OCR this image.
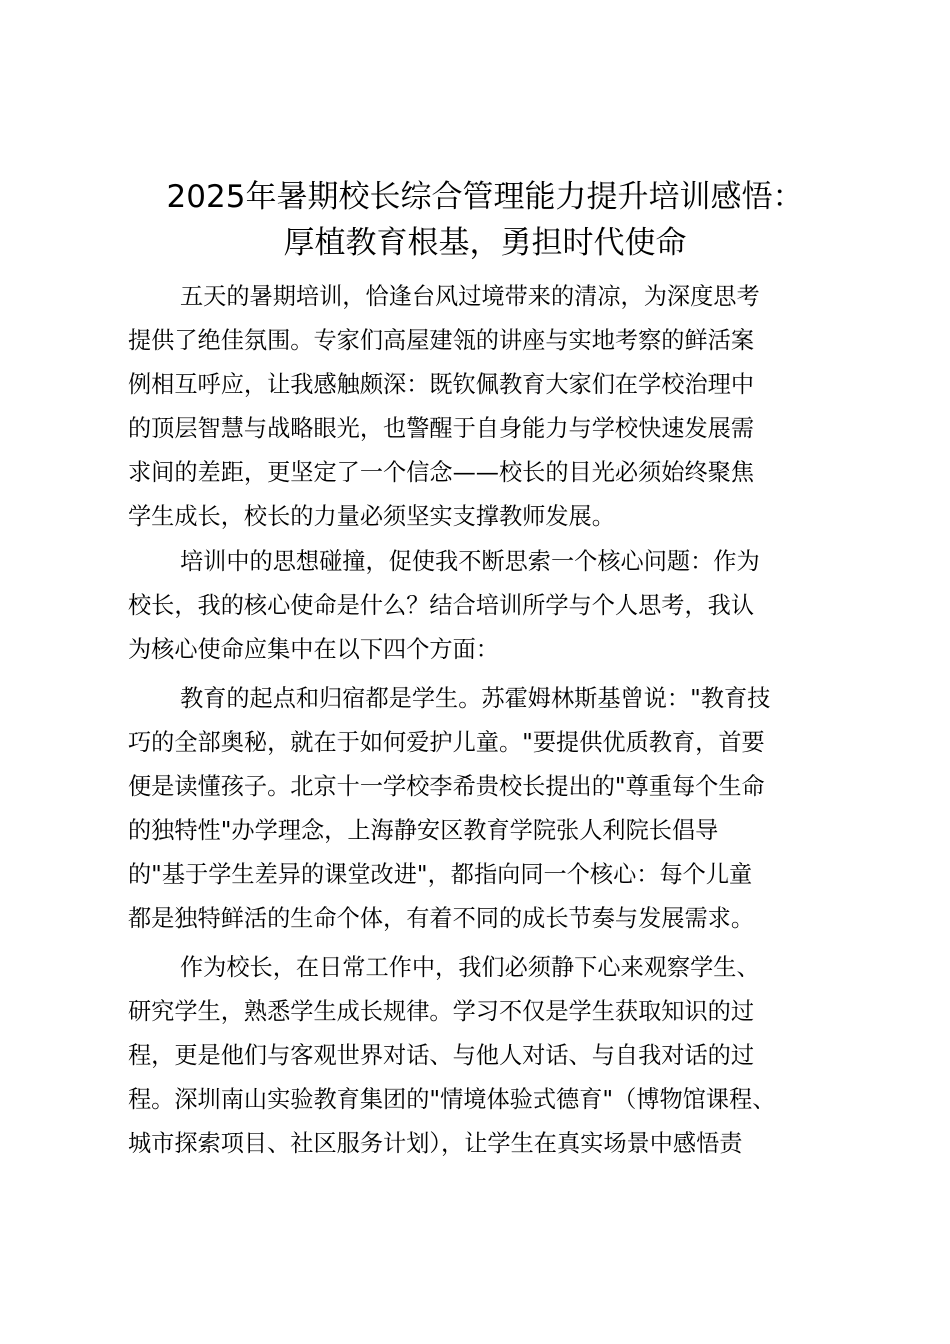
2025年暑期校长综合管理能力提升培训感悟：
厚植教育根基，勇担时代使命

五天的暑期培训，恰逢台风过境带来的清凉，为深度思考

提供了绝佳氛围。专家们高屋建瓴的讲座与实地考察的鲜活案

例相互呼应，让我感触颇深：既钦佩教育大家们在学校治理中

的顶层智慧与战略眼光，也警醒于自身能力与学校快速发展需

求间的差距，更坚定了一个信念——校长的目光必须始终聚焦

学生成长，校长的力量必须坚实支撑教师发展。

培训中的思想碰撞，促使我不断思索一个核心问题：作为

校长，我的核心使命是什么？结合培训所学与个人思考，我认

为核心使命应集中在以下四个方面：

教育的起点和归宿都是学生。苏霍姆林斯基曾说："教育技

巧的全部奥秘，就在于如何爱护儿童。"要提供优质教育，首要

便是读懂孩子。北京十一学校李希贵校长提出的"尊重每个生命

的独特性"办学理念，上海静安区教育学院张人利院长倡导

的"基于学生差异的课堂改进"，都指向同一个核心：每个儿童

都是独特鲜活的生命个体，有着不同的成长节奏与发展需求。

作为校长，在日常工作中，我们必须静下心来观察学生、

研究学生，熟悉学生成长规律。学习不仅是学生获取知识的过

程，更是他们与客观世界对话、与他人对话、与自我对话的过

程。深圳南山实验教育集团的"情境体验式德育"（博物馆课程、

城市探索项目、社区服务计划），让学生在真实场景中感悟责
